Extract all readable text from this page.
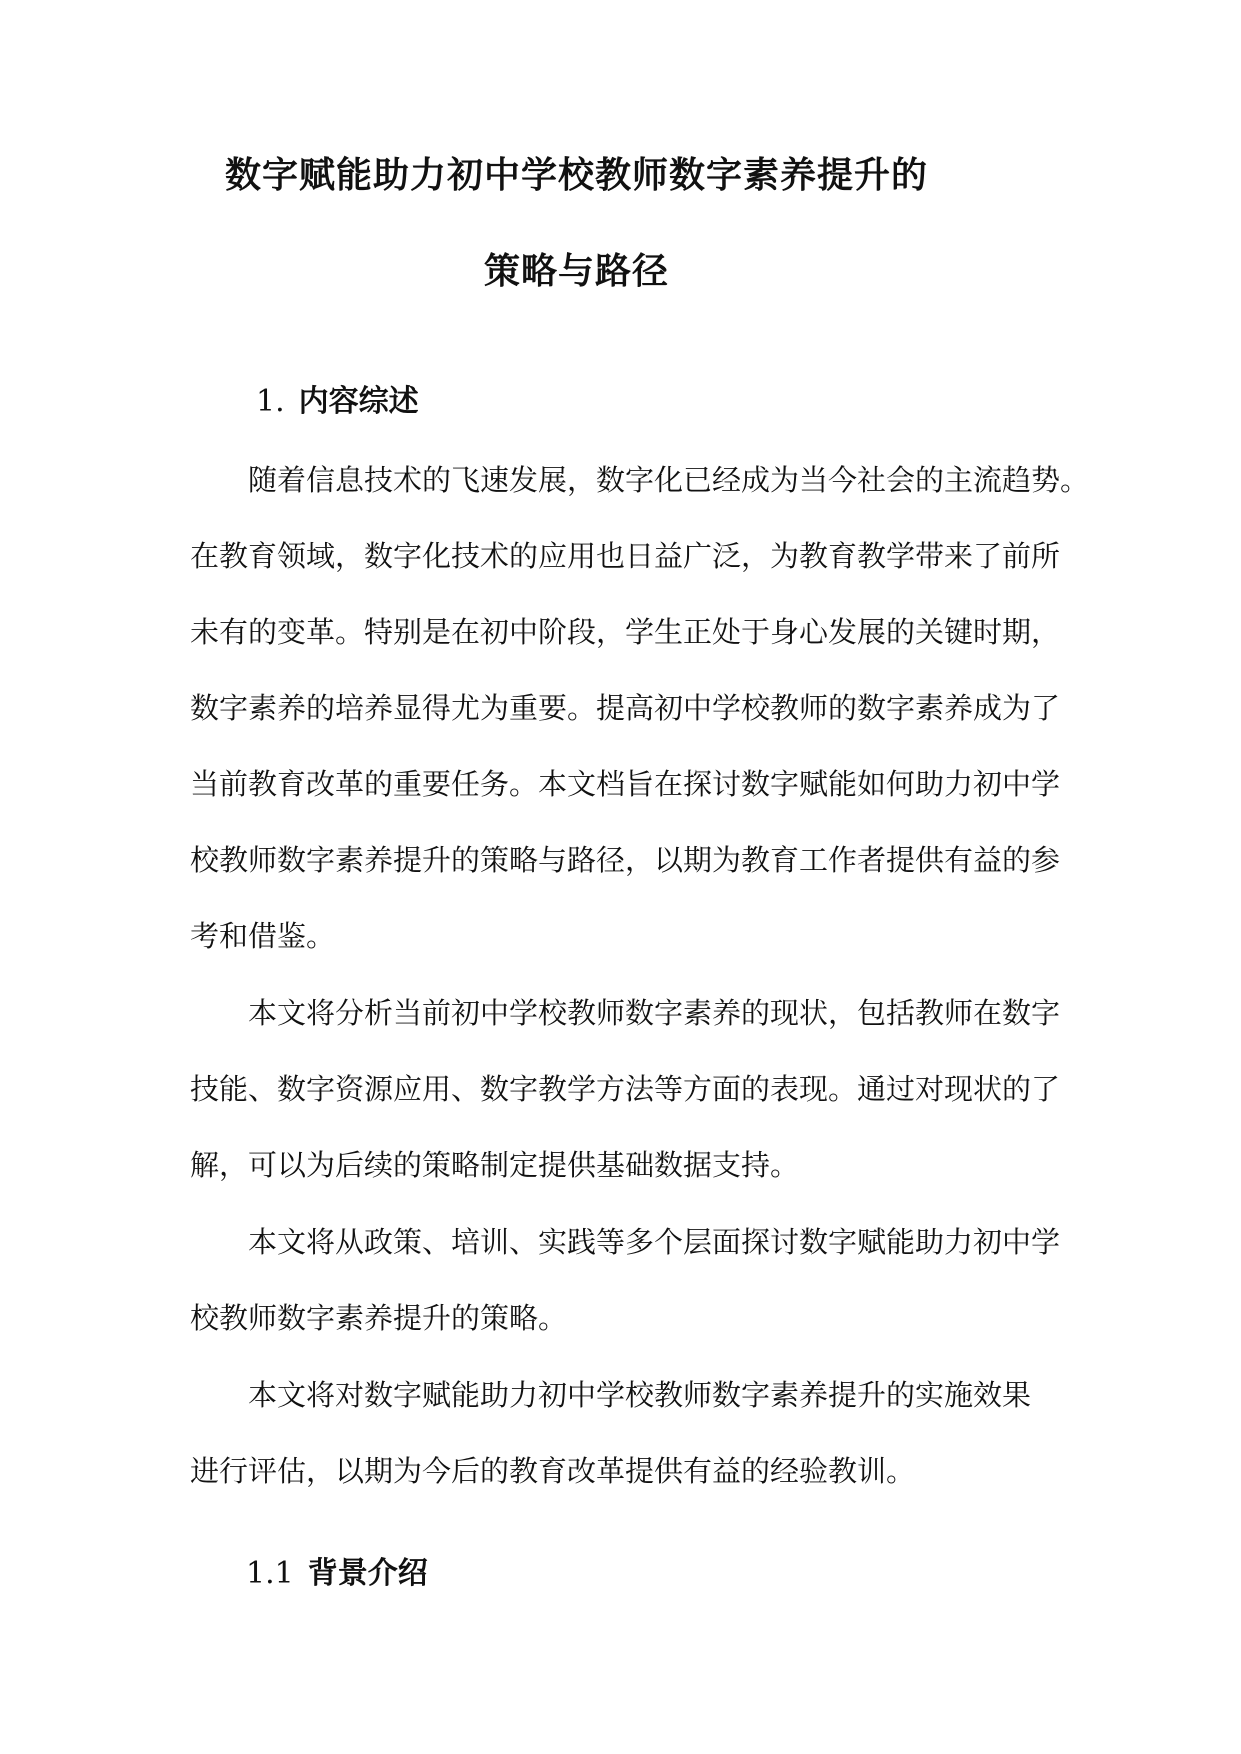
数字赋能助力初中学校教师数字素养提升的
策略与路径
1. 内容综述
随着信息技术的飞速发展，数字化已经成为当今社会的主流趋势。
在教育领域，数字化技术的应用也日益广泛，为教育教学带来了前所
未有的变革。特别是在初中阶段，学生正处于身心发展的关键时期，
数字素养的培养显得尤为重要。提高初中学校教师的数字素养成为了
当前教育改革的重要任务。本文档旨在探讨数字赋能如何助力初中学
校教师数字素养提升的策略与路径，以期为教育工作者提供有益的参
考和借鉴。
本文将分析当前初中学校教师数字素养的现状，包括教师在数字
技能、数字资源应用、数字教学方法等方面的表现。通过对现状的了
解，可以为后续的策略制定提供基础数据支持。
本文将从政策、培训、实践等多个层面探讨数字赋能助力初中学
校教师数字素养提升的策略。
本文将对数字赋能助力初中学校教师数字素养提升的实施效果
进行评估，以期为今后的教育改革提供有益的经验教训。
1.1 背景介绍
